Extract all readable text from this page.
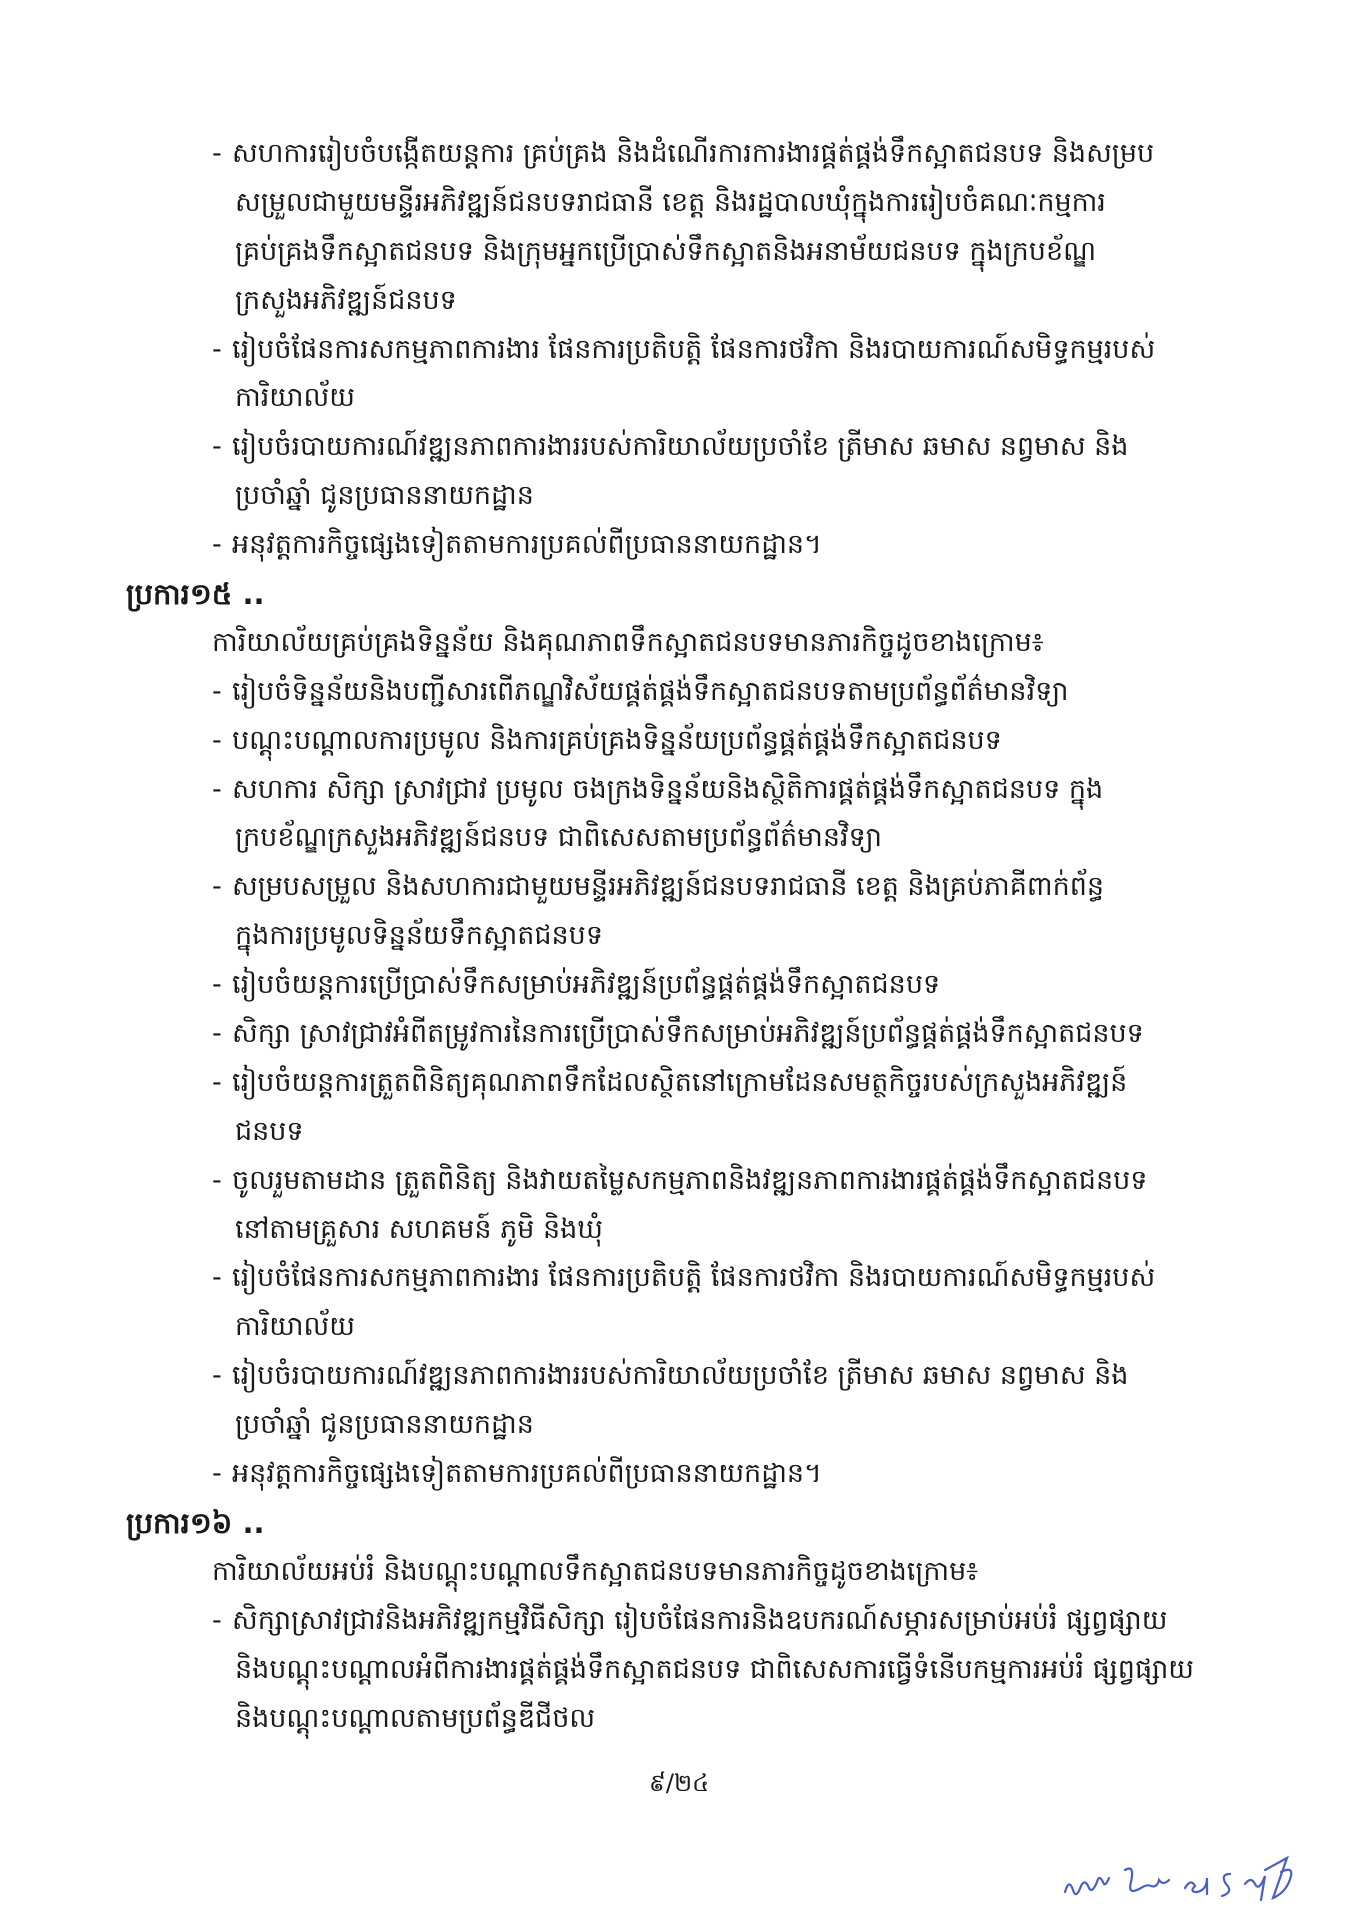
- សហការរៀបចំបង្កើតយន្តការ គ្រប់គ្រង និងដំណើរការការងារផ្គត់ផ្គង់ទឹកស្អាតជនបទ និងសម្រប
សម្រួលជាមួយមន្ទីរអភិវឌ្ឍន៍ជនបទរាជធានី ខេត្ត និងរដ្ឋបាលឃុំក្នុងការរៀបចំគណៈកម្មការ
គ្រប់គ្រងទឹកស្អាតជនបទ និងក្រុមអ្នកប្រើប្រាស់ទឹកស្អាតនិងអនាម័យជនបទ ក្នុងក្របខ័ណ្ឌ
ក្រសួងអភិវឌ្ឍន៍ជនបទ
- រៀបចំផែនការសកម្មភាពការងារ ផែនការប្រតិបត្តិ ផែនការថវិកា និងរបាយការណ៍សមិទ្ធកម្មរបស់
ការិយាល័យ
- រៀបចំរបាយការណ៍វឌ្ឍនភាពការងាររបស់ការិយាល័យប្រចាំខែ ត្រីមាស ឆមាស នព្វមាស និង
ប្រចាំឆ្នាំ ជូនប្រធាននាយកដ្ឋាន
- អនុវត្តការកិច្ចផ្សេងទៀតតាមការប្រគល់ពីប្រធាននាយកដ្ឋាន។
ប្រការ១៥ ..
ការិយាល័យគ្រប់គ្រងទិន្នន័យ និងគុណភាពទឹកស្អាតជនបទមានភារកិច្ចដូចខាងក្រោម៖
- រៀបចំទិន្នន័យនិងបញ្ជីសារពើភណ្ឌវិស័យផ្គត់ផ្គង់ទឹកស្អាតជនបទតាមប្រព័ន្ធព័ត៌មានវិទ្យា
- បណ្ដុះបណ្ដាលការប្រមូល និងការគ្រប់គ្រងទិន្នន័យប្រព័ន្ធផ្គត់ផ្គង់ទឹកស្អាតជនបទ
- សហការ សិក្សា ស្រាវជ្រាវ ប្រមូល ចងក្រងទិន្នន័យនិងស្ថិតិការផ្គត់ផ្គង់ទឹកស្អាតជនបទ ក្នុង
ក្របខ័ណ្ឌក្រសួងអភិវឌ្ឍន៍ជនបទ ជាពិសេសតាមប្រព័ន្ធព័ត៌មានវិទ្យា
- សម្របសម្រួល និងសហការជាមួយមន្ទីរអភិវឌ្ឍន៍ជនបទរាជធានី ខេត្ត និងគ្រប់ភាគីពាក់ព័ន្ធ
ក្នុងការប្រមូលទិន្នន័យទឹកស្អាតជនបទ
- រៀបចំយន្តការប្រើប្រាស់ទឹកសម្រាប់អភិវឌ្ឍន៍ប្រព័ន្ធផ្គត់ផ្គង់ទឹកស្អាតជនបទ
- សិក្សា ស្រាវជ្រាវអំពីតម្រូវការនៃការប្រើប្រាស់ទឹកសម្រាប់អភិវឌ្ឍន៍ប្រព័ន្ធផ្គត់ផ្គង់ទឹកស្អាតជនបទ
- រៀបចំយន្តការត្រួតពិនិត្យគុណភាពទឹកដែលស្ថិតនៅក្រោមដែនសមត្ថកិច្ចរបស់ក្រសួងអភិវឌ្ឍន៍
ជនបទ
- ចូលរួមតាមដាន ត្រួតពិនិត្យ និងវាយតម្លៃសកម្មភាពនិងវឌ្ឍនភាពការងារផ្គត់ផ្គង់ទឹកស្អាតជនបទ
នៅតាមគ្រួសារ សហគមន៍ ភូមិ និងឃុំ
- រៀបចំផែនការសកម្មភាពការងារ ផែនការប្រតិបត្តិ ផែនការថវិកា និងរបាយការណ៍សមិទ្ធកម្មរបស់
ការិយាល័យ
- រៀបចំរបាយការណ៍វឌ្ឍនភាពការងាររបស់ការិយាល័យប្រចាំខែ ត្រីមាស ឆមាស នព្វមាស និង
ប្រចាំឆ្នាំ ជូនប្រធាននាយកដ្ឋាន
- អនុវត្តការកិច្ចផ្សេងទៀតតាមការប្រគល់ពីប្រធាននាយកដ្ឋាន។
ប្រការ១៦ ..
ការិយាល័យអប់រំ និងបណ្ដុះបណ្ដាលទឹកស្អាតជនបទមានភារកិច្ចដូចខាងក្រោម៖
- សិក្សាស្រាវជ្រាវនិងអភិវឌ្ឍកម្មវិធីសិក្សា រៀបចំផែនការនិងឧបករណ៍សម្ភារសម្រាប់អប់រំ ផ្សព្វផ្សាយ
និងបណ្ដុះបណ្ដាលអំពីការងារផ្គត់ផ្គង់ទឹកស្អាតជនបទ ជាពិសេសការធ្វើទំនើបកម្មការអប់រំ ផ្សព្វផ្សាយ
និងបណ្ដុះបណ្ដាលតាមប្រព័ន្ធឌីជីថល
៩/២៤
